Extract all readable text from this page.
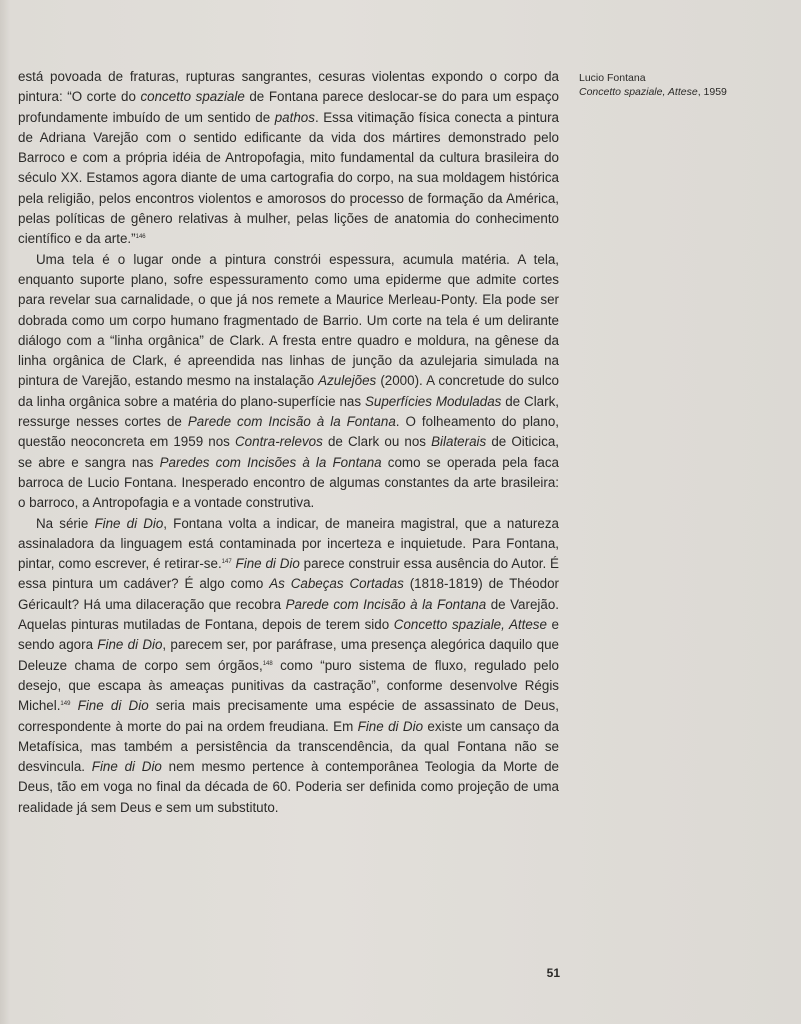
está povoada de fraturas, rupturas sangrantes, cesuras violentas expondo o corpo da pintura: “O corte do concetto spaziale de Fontana parece deslocar-se do para um espaço profundamente imbuído de um sentido de pathos. Essa vitimação física conecta a pintura de Adriana Varejão com o sentido edificante da vida dos mártires demonstrado pelo Barroco e com a própria idéia de Antropofagia, mito fundamental da cultura brasileira do século XX. Estamos agora diante de uma cartografia do corpo, na sua moldagem histórica pela religião, pelos encontros violentos e amorosos do processo de formação da América, pelas políticas de gênero relativas à mulher, pelas lições de anatomia do conhecimento científico e da arte.”$^{146}$

Uma tela é o lugar onde a pintura constrói espessura, acumula matéria. A tela, enquanto suporte plano, sofre espessuramento como uma epiderme que admite cortes para revelar sua carnalidade, o que já nos remete a Maurice Merleau-Ponty. Ela pode ser dobrada como um corpo humano fragmentado de Barrio. Um corte na tela é um delirante diálogo com a “linha orgânica” de Clark. A fresta entre quadro e moldura, na gênese da linha orgânica de Clark, é apreendida nas linhas de junção da azulejaria simulada na pintura de Varejão, estando mesmo na instalação Azulejões (2000). A concretude do sulco da linha orgânica sobre a matéria do plano-superfície nas Superfícies Moduladas de Clark, ressurge nesses cortes de Parede com Incisão à la Fontana. O folheamento do plano, questão neoconcreta em 1959 nos Contra-relevos de Clark ou nos Bilaterais de Oiticica, se abre e sangra nas Paredes com Incisões à la Fontana como se operada pela faca barroca de Lucio Fontana. Inesperado encontro de algumas constantes da arte brasileira: o barroco, a Antropofagia e a vontade construtiva.

Na série Fine di Dio, Fontana volta a indicar, de maneira magistral, que a natureza assinaladora da linguagem está contaminada por incerteza e inquietude. Para Fontana, pintar, como escrever, é retirar-se.$^{147}$ Fine di Dio parece construir essa ausência do Autor. É essa pintura um cadáver? É algo como As Cabeças Cortadas (1818-1819) de Théodor Géricault? Há uma dilaceração que recobra Parede com Incisão à la Fontana de Varejão. Aquelas pinturas mutiladas de Fontana, depois de terem sido Concetto spaziale, Attese e sendo agora Fine di Dio, parecem ser, por paráfrase, uma presença alegórica daquilo que Deleuze chama de corpo sem órgãos,$^{148}$ como “puro sistema de fluxo, regulado pelo desejo, que escapa às ameaças punitivas da castração”, conforme desenvolve Régis Michel.$^{149}$ Fine di Dio seria mais precisamente uma espécie de assassinato de Deus, correspondente à morte do pai na ordem freudiana. Em Fine di Dio existe um cansaço da Metafísica, mas também a persistência da transcendência, da qual Fontana não se desvincula. Fine di Dio nem mesmo pertence à contemporânea Teologia da Morte de Deus, tão em voga no final da década de 60. Poderia ser definida como projeção de uma realidade já sem Deus e sem um substituto.

Lucio Fontana
Concetto spaziale, Attese, 1959
51
